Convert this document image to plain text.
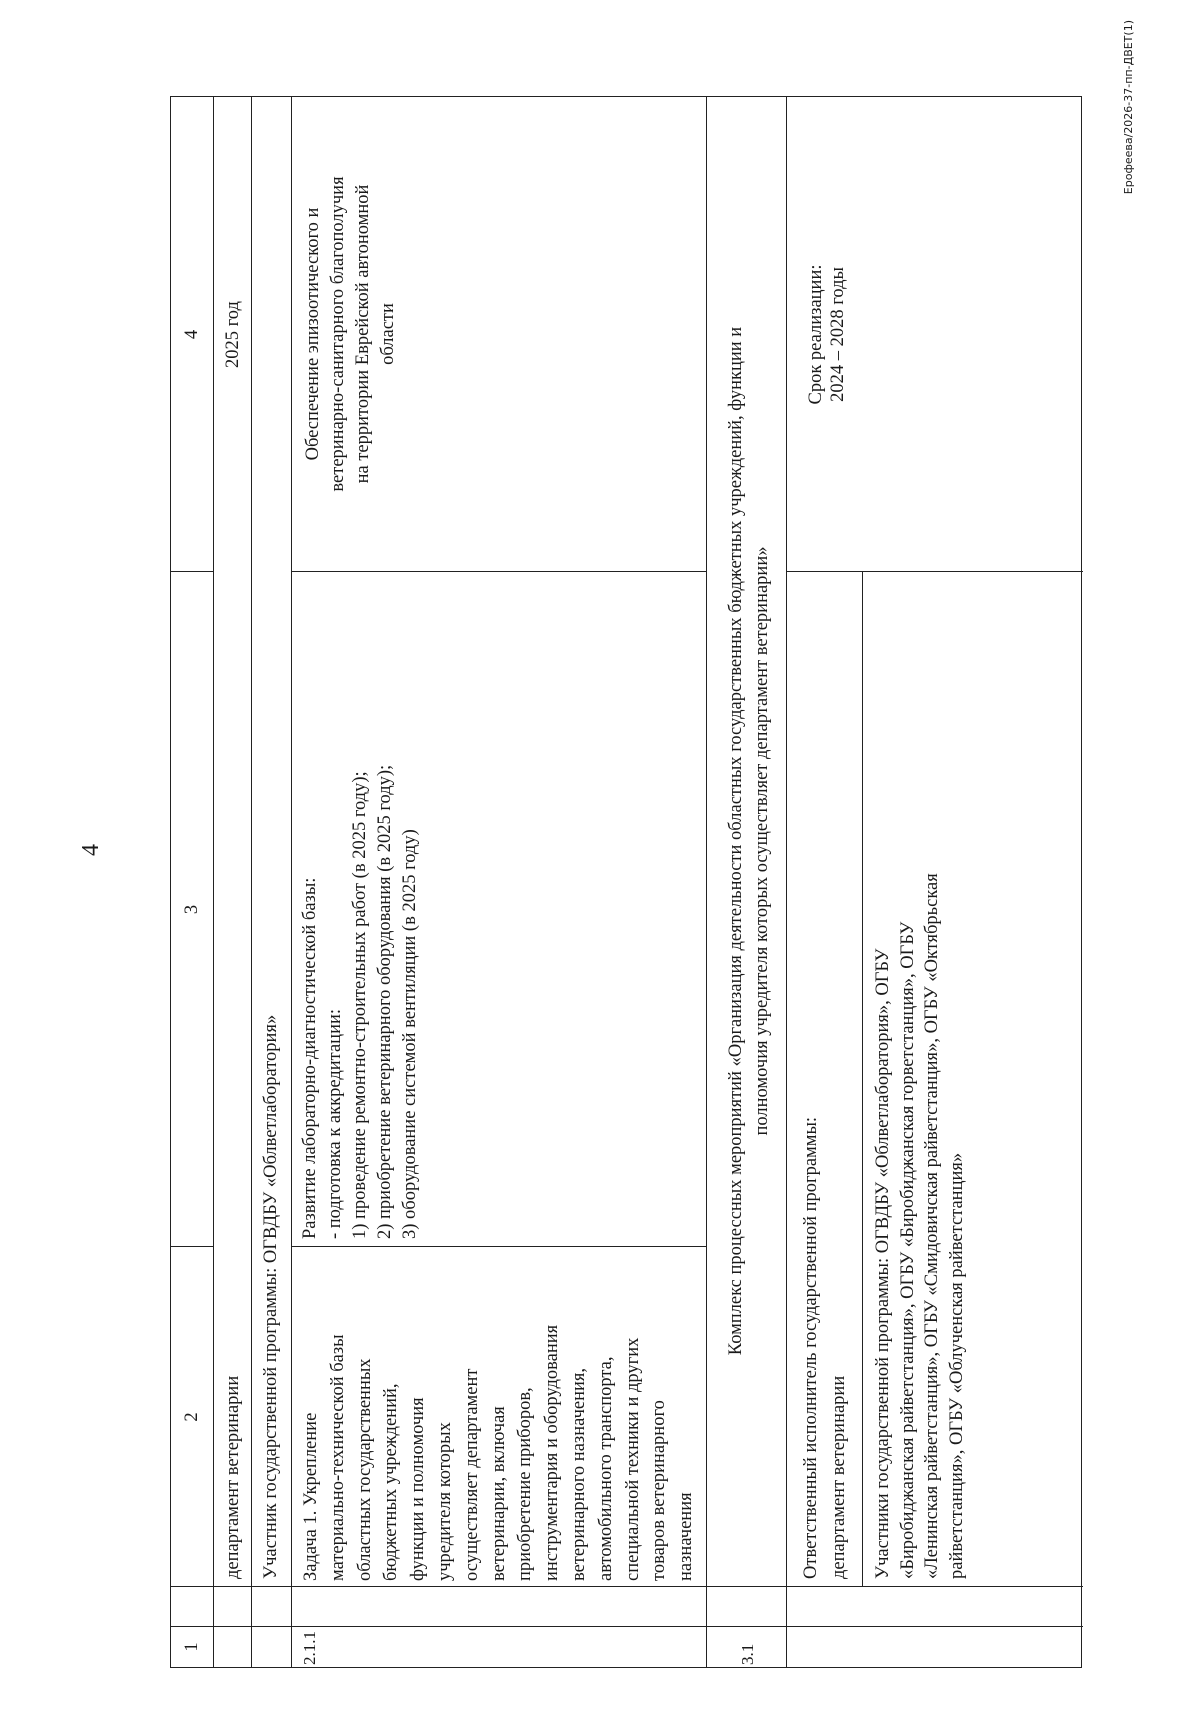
4
1
2
3
4
департамент ветеринарии
2025 год
Участник государственной программы: ОГВДБУ «Облветлаборатория»
2.1.1
Задача 1. Укрепление
материально-технической базы
областных государственных
бюджетных учреждений,
функции и полномочия
учредителя которых
осуществляет департамент
ветеринарии, включая
приобретение приборов,
инструментария и оборудования
ветеринарного назначения,
автомобильного транспорта,
специальной техники и других
товаров ветеринарного
назначения
Развитие лабораторно-диагностической базы:
- подготовка к аккредитации:
1) проведение ремонтно-строительных работ (в 2025 году);
2) приобретение ветеринарного оборудования (в 2025 году);
3) оборудование системой вентиляции (в 2025 году)
Обеспечение эпизоотического и
ветеринарно-санитарного благополучия
на территории Еврейской автономной
области
3.1
Комплекс процессных мероприятий «Организация деятельности областных государственных бюджетных учреждений, функции и
полномочия учредителя которых осуществляет департамент ветеринарии»
Ответственный исполнитель государственной программы:
департамент ветеринарии
Срок реализации:
2024 – 2028 годы
Участники государственной программы: ОГВДБУ «Облветлаборатория», ОГБУ
«Биробиджанская райветстанция», ОГБУ «Биробиджанская горветстанция», ОГБУ
«Ленинская райветстанция», ОГБУ «Смидовичская райветстанция», ОГБУ «Октябрьская
райветстанция», ОГБУ «Облученская райветстанция»
Ерофеева/2026-37-пп-ДВЕТ(1)
